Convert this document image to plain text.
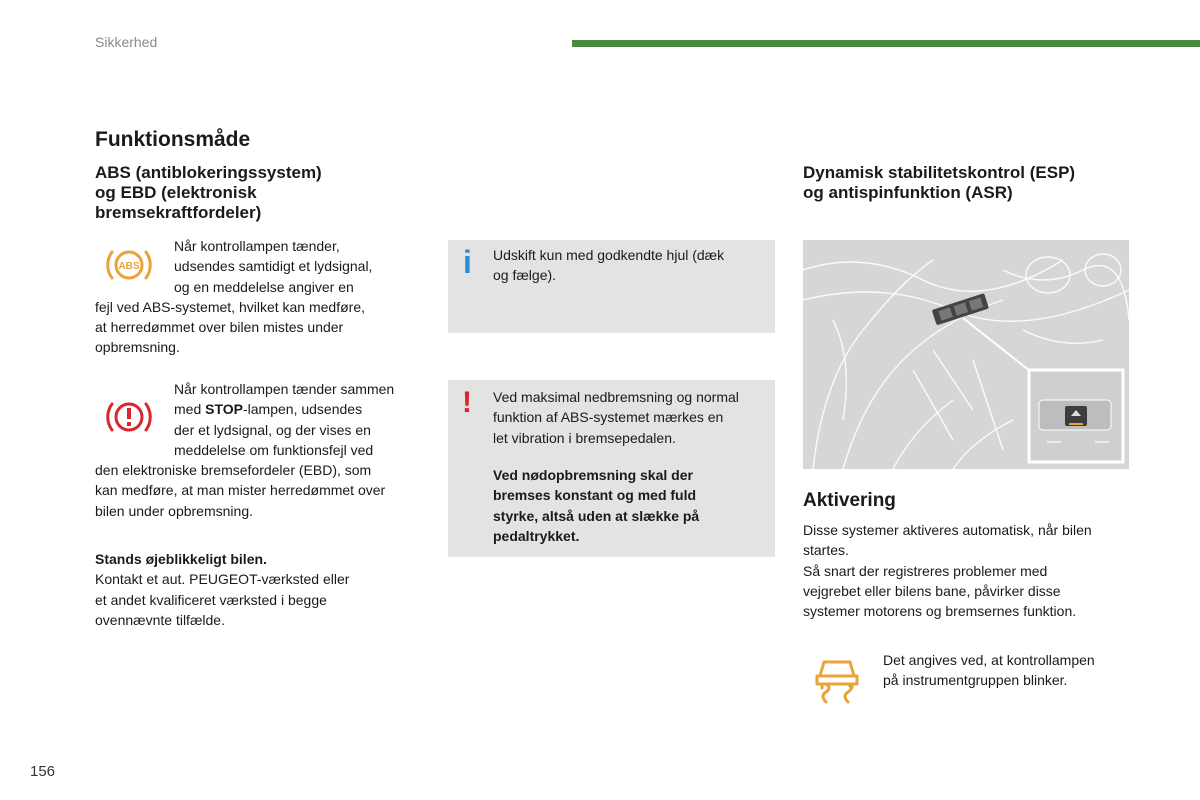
Sikkerhed
Funktionsmåde
ABS (antiblokeringssystem)
og EBD (elektronisk
bremsekraftfordeler)
ABS
Når kontrollampen tænder,
udsendes samtidigt et lydsignal,
og en meddelelse angiver en
fejl ved ABS-systemet, hvilket kan medføre,
at herredømmet over bilen mistes under
opbremsning.
Når kontrollampen tænder sammen
med STOP-lampen, udsendes
der et lydsignal, og der vises en
meddelelse om funktionsfejl ved
den elektroniske bremsefordeler (EBD), som
kan medføre, at man mister herredømmet over
bilen under opbremsning.
Stands øjeblikkeligt bilen.
Kontakt et aut. PEUGEOT-værksted eller
et andet kvalificeret værksted i begge
ovennævnte tilfælde.
i Udskift kun med godkendte hjul (dæk
og fælge).
! Ved maksimal nedbremsning og normal
funktion af ABS-systemet mærkes en
let vibration i bremsepedalen.
Ved nødopbremsning skal der
bremses konstant og med fuld
styrke, altså uden at slække på
pedaltrykket.
Dynamisk stabilitetskontrol (ESP)
og antispinfunktion (ASR)
Aktivering
Disse systemer aktiveres automatisk, når bilen
startes.
Så snart der registreres problemer med
vejgrebet eller bilens bane, påvirker disse
systemer motorens og bremsernes funktion.
Det angives ved, at kontrollampen
på instrumentgruppen blinker.
156
